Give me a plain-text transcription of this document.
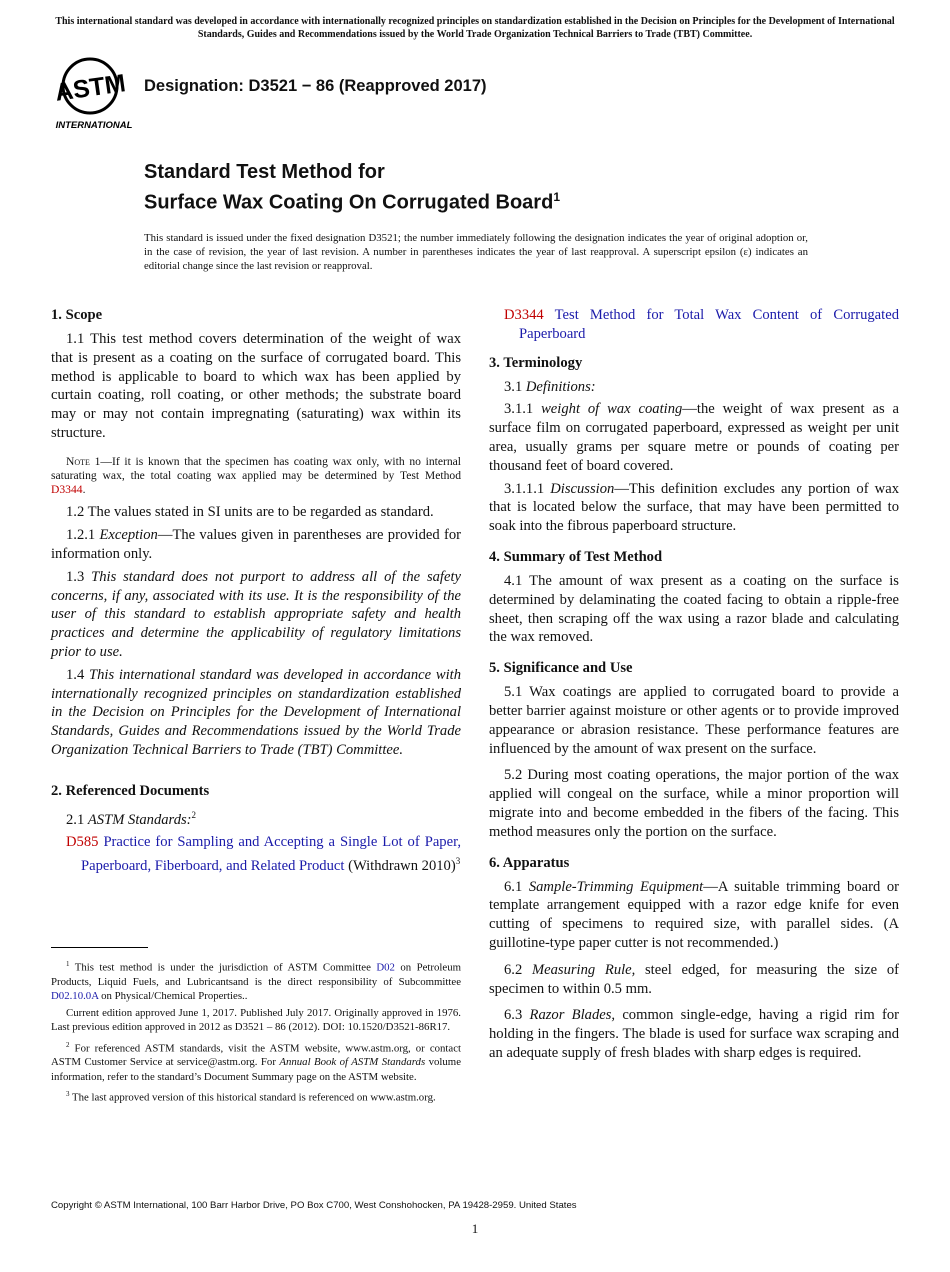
This international standard was developed in accordance with internationally recognized principles on standardization established in the Decision on Principles for the Development of International Standards, Guides and Recommendations issued by the World Trade Organization Technical Barriers to Trade (TBT) Committee.
ASTM
INTERNATIONAL
Designation: D3521 − 86 (Reapproved 2017)
Standard Test Method for
Surface Wax Coating On Corrugated Board$^1$
This standard is issued under the fixed designation D3521; the number immediately following the designation indicates the year of original adoption or, in the case of revision, the year of last revision. A number in parentheses indicates the year of last reapproval. A superscript epsilon (ε) indicates an editorial change since the last revision or reapproval.
1. Scope

1.1 This test method covers determination of the weight of wax that is present as a coating on the surface of corrugated board. This method is applicable to board to which wax has been applied by curtain coating, roll coating, or other methods; the substrate board may or may not contain impregnating (saturating) wax within its structure.

Note 1—If it is known that the specimen has coating wax only, with no internal saturating wax, the total coating wax applied may be determined by Test Method D3344.

1.2 The values stated in SI units are to be regarded as standard.

1.2.1 Exception—The values given in parentheses are provided for information only.

1.3 This standard does not purport to address all of the safety concerns, if any, associated with its use. It is the responsibility of the user of this standard to establish appropriate safety and health practices and determine the applicability of regulatory limitations prior to use.

1.4 This international standard was developed in accordance with internationally recognized principles on standardization established in the Decision on Principles for the Development of International Standards, Guides and Recommendations issued by the World Trade Organization Technical Barriers to Trade (TBT) Committee.

2. Referenced Documents

2.1 ASTM Standards:$^2$

D585 Practice for Sampling and Accepting a Single Lot of Paper, Paperboard, Fiberboard, and Related Product (Withdrawn 2010)$^3$

$^1$ This test method is under the jurisdiction of ASTM Committee D02 on Petroleum Products, Liquid Fuels, and Lubricantsand is the direct responsibility of Subcommittee D02.10.0A on Physical/Chemical Properties..

Current edition approved June 1, 2017. Published July 2017. Originally approved in 1976. Last previous edition approved in 2012 as D3521 – 86 (2012). DOI: 10.1520/D3521-86R17.

$^2$ For referenced ASTM standards, visit the ASTM website, www.astm.org, or contact ASTM Customer Service at service@astm.org. For Annual Book of ASTM Standards volume information, refer to the standard’s Document Summary page on the ASTM website.

$^3$ The last approved version of this historical standard is referenced on www.astm.org.

D3344 Test Method for Total Wax Content of Corrugated Paperboard

3. Terminology

3.1 Definitions:

3.1.1 weight of wax coating—the weight of wax present as a surface film on corrugated paperboard, expressed as weight per unit area, usually grams per square metre or pounds of coating per thousand feet of board covered.

3.1.1.1 Discussion—This definition excludes any portion of wax that is located below the surface, that may have been permitted to soak into the fibrous paperboard structure.

4. Summary of Test Method

4.1 The amount of wax present as a coating on the surface is determined by delaminating the coated facing to obtain a ripple-free sheet, then scraping off the wax using a razor blade and calculating the wax removed.

5. Significance and Use

5.1 Wax coatings are applied to corrugated board to provide a better barrier against moisture or other agents or to provide improved appearance or abrasion resistance. These performance features are influenced by the amount of wax present on the surface.

5.2 During most coating operations, the major portion of the wax applied will congeal on the surface, while a minor proportion will migrate into and become embedded in the fibers of the facing. This method measures only the portion on the surface.

6. Apparatus

6.1 Sample-Trimming Equipment—A suitable trimming board or template arrangement equipped with a razor edge knife for even cutting of specimens to required size, with parallel sides. (A guillotine-type paper cutter is not recommended.)

6.2 Measuring Rule, steel edged, for measuring the size of specimen to within 0.5 mm.

6.3 Razor Blades, common single-edge, having a rigid rim for holding in the fingers. The blade is used for surface wax scraping and an adequate supply of fresh blades with sharp edges is required.

Copyright © ASTM International, 100 Barr Harbor Drive, PO Box C700, West Conshohocken, PA 19428-2959. United States
1
